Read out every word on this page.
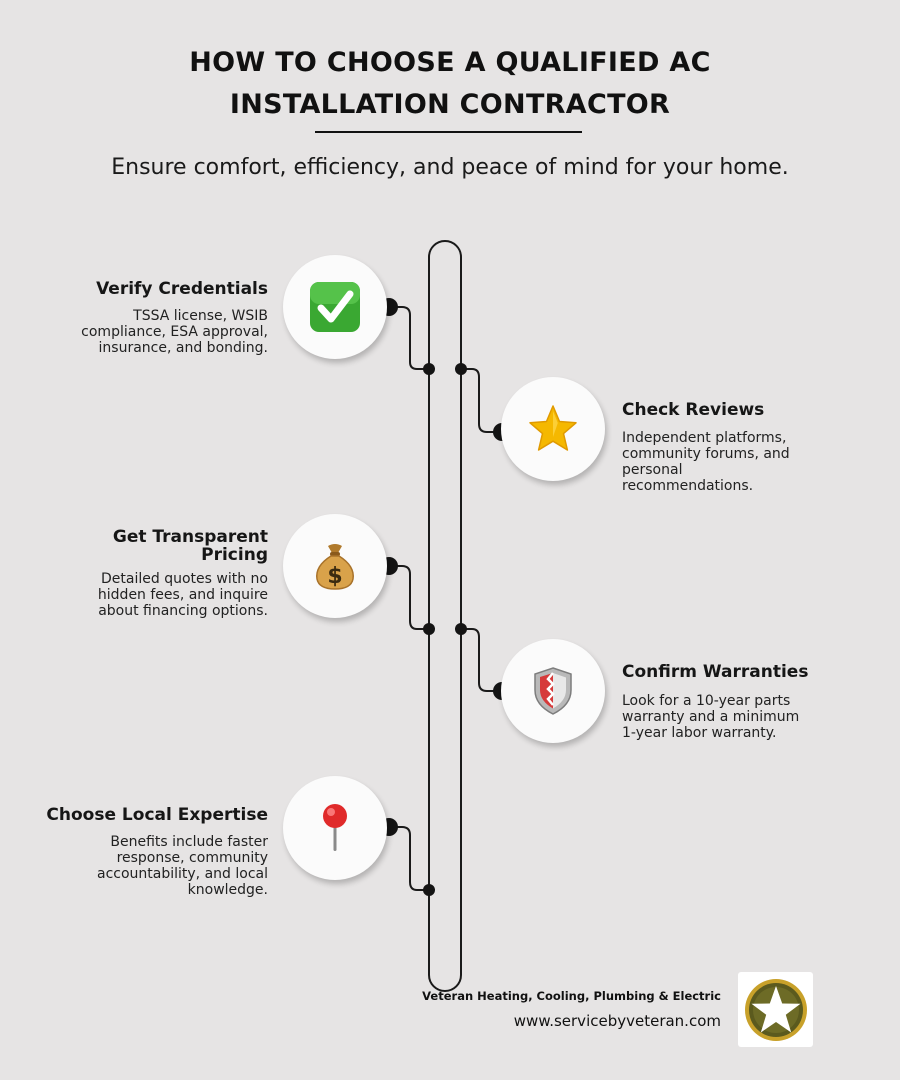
HOW TO CHOOSE A QUALIFIED AC
INSTALLATION CONTRACTOR
Ensure comfort, efficiency, and peace of mind for your home.
Verify Credentials
TSSA license, WSIB
compliance, ESA approval,
insurance, and bonding.
Check Reviews
Independent platforms,
community forums, and
personal
recommendations.
$
Get Transparent
Pricing
Detailed quotes with no
hidden fees, and inquire
about financing options.
Confirm Warranties
Look for a 10-year parts
warranty and a minimum
1-year labor warranty.
Choose Local Expertise
Benefits include faster
response, community
accountability, and local
knowledge.
Veteran Heating, Cooling, Plumbing & Electric
www.servicebyveteran.com
